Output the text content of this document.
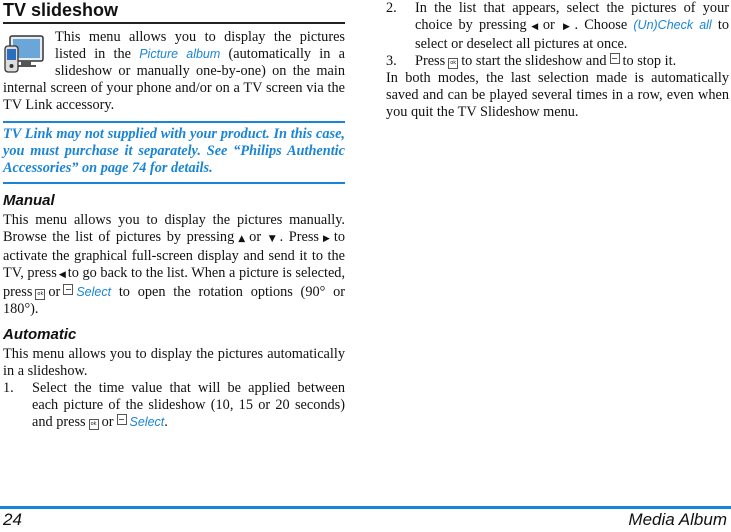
TV slideshow

This menu allows you to display the pictures listed in the Picture album (automatically in a slideshow or manually one-by-one) on the main internal screen of your phone and/or on a TV screen via the TV Link accessory.

TV Link may not supplied with your product. In this case, you must purchase it separately. See “Philips Authentic Accessories” on page 74 for details.
Manual

This menu allows you to display the pictures manually. Browse the list of pictures by pressing ▲ or ▼ . Press ▶ to activate the graphical full-screen display and send it to the TV, press ◀ to go back to the list. When a picture is selected, press ok or Select to open the rotation options (90° or 180°).

Automatic

This menu allows you to display the pictures automatically in a slideshow.

1.	Select the time value that will be applied between each picture of the slideshow (10, 15 or 20 seconds) and press ok or Select.
2.	In the list that appears, select the pictures of your choice by pressing ◀ or ▶ . Choose (Un)Check all to select or deselect all pictures at once.
3.	Press ok to start the slideshow and to stop it.

In both modes, the last selection made is automatically saved and can be played several times in a row, even when you quit the TV Slideshow menu.

24	Media Album
